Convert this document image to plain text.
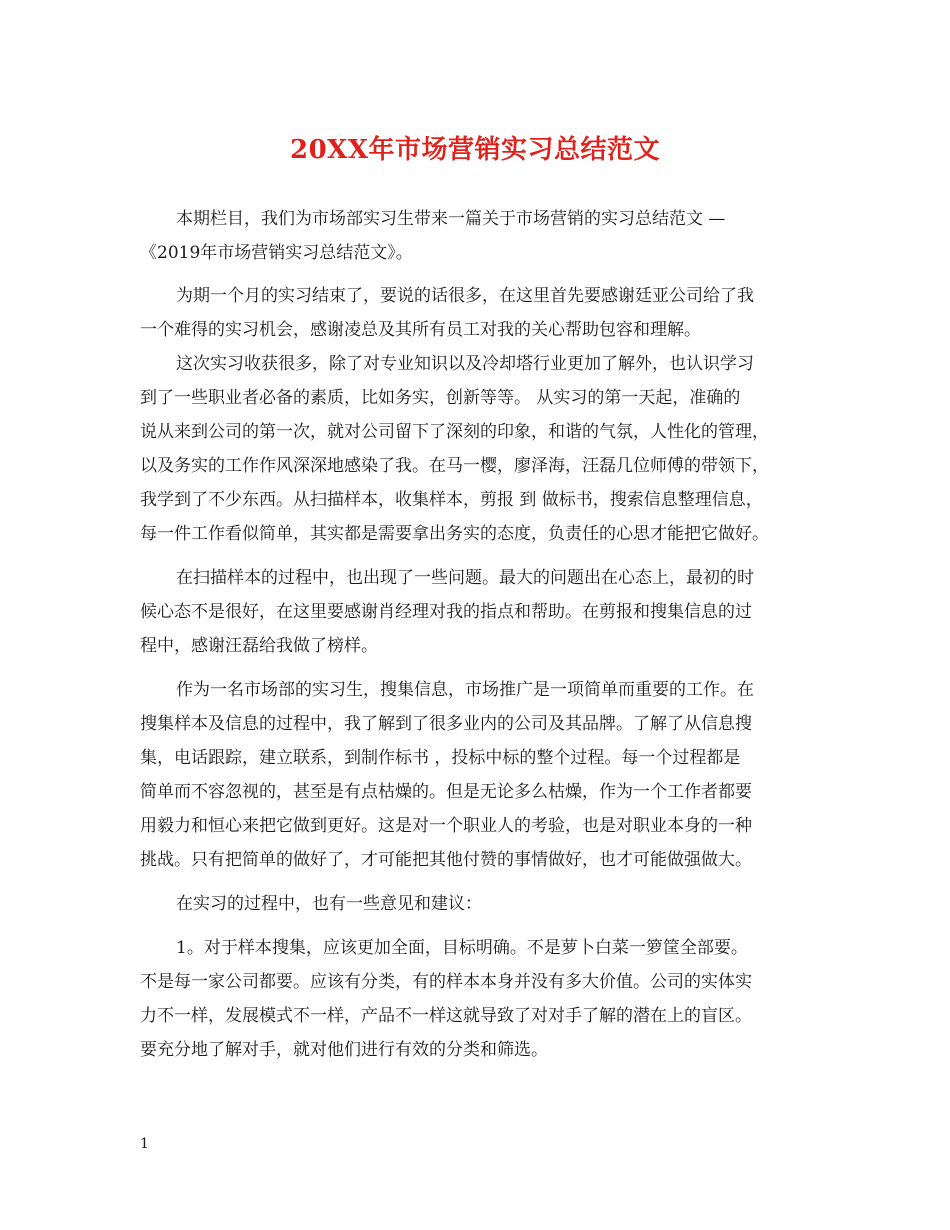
20XX年市场营销实习总结范文
本期栏目，我们为市场部实习生带来一篇关于市场营销的实习总结范文 —
《2019年市场营销实习总结范文》。
为期一个月的实习结束了，要说的话很多，在这里首先要感谢廷亚公司给了我
一个难得的实习机会，感谢凌总及其所有员工对我的关心帮助包容和理解。
这次实习收获很多，除了对专业知识以及冷却塔行业更加了解外，也认识学习
到了一些职业者必备的素质，比如务实，创新等等。 从实习的第一天起，准确的
说从来到公司的第一次，就对公司留下了深刻的印象，和谐的气氛，人性化的管理，
以及务实的工作作风深深地感染了我。在马一樱，廖泽海，汪磊几位师傅的带领下，
我学到了不少东西。从扫描样本，收集样本，剪报 到 做标书，搜索信息整理信息，
每一件工作看似简单，其实都是需要拿出务实的态度，负责任的心思才能把它做好。
在扫描样本的过程中，也出现了一些问题。最大的问题出在心态上，最初的时
候心态不是很好，在这里要感谢肖经理对我的指点和帮助。在剪报和搜集信息的过
程中，感谢汪磊给我做了榜样。
作为一名市场部的实习生，搜集信息，市场推广是一项简单而重要的工作。在
搜集样本及信息的过程中，我了解到了很多业内的公司及其品牌。了解了从信息搜
集，电话跟踪，建立联系，到制作标书 ，投标中标的整个过程。每一个过程都是
简单而不容忽视的，甚至是有点枯燥的。但是无论多么枯燥，作为一个工作者都要
用毅力和恒心来把它做到更好。这是对一个职业人的考验，也是对职业本身的一种
挑战。只有把简单的做好了，才可能把其他付赞的事情做好，也才可能做强做大。
在实习的过程中，也有一些意见和建议：
1。对于样本搜集，应该更加全面，目标明确。不是萝卜白菜一箩筐全部要。
不是每一家公司都要。应该有分类，有的样本本身并没有多大价值。公司的实体实
力不一样，发展模式不一样，产品不一样这就导致了对对手了解的潜在上的盲区。
要充分地了解对手，就对他们进行有效的分类和筛选。
1
